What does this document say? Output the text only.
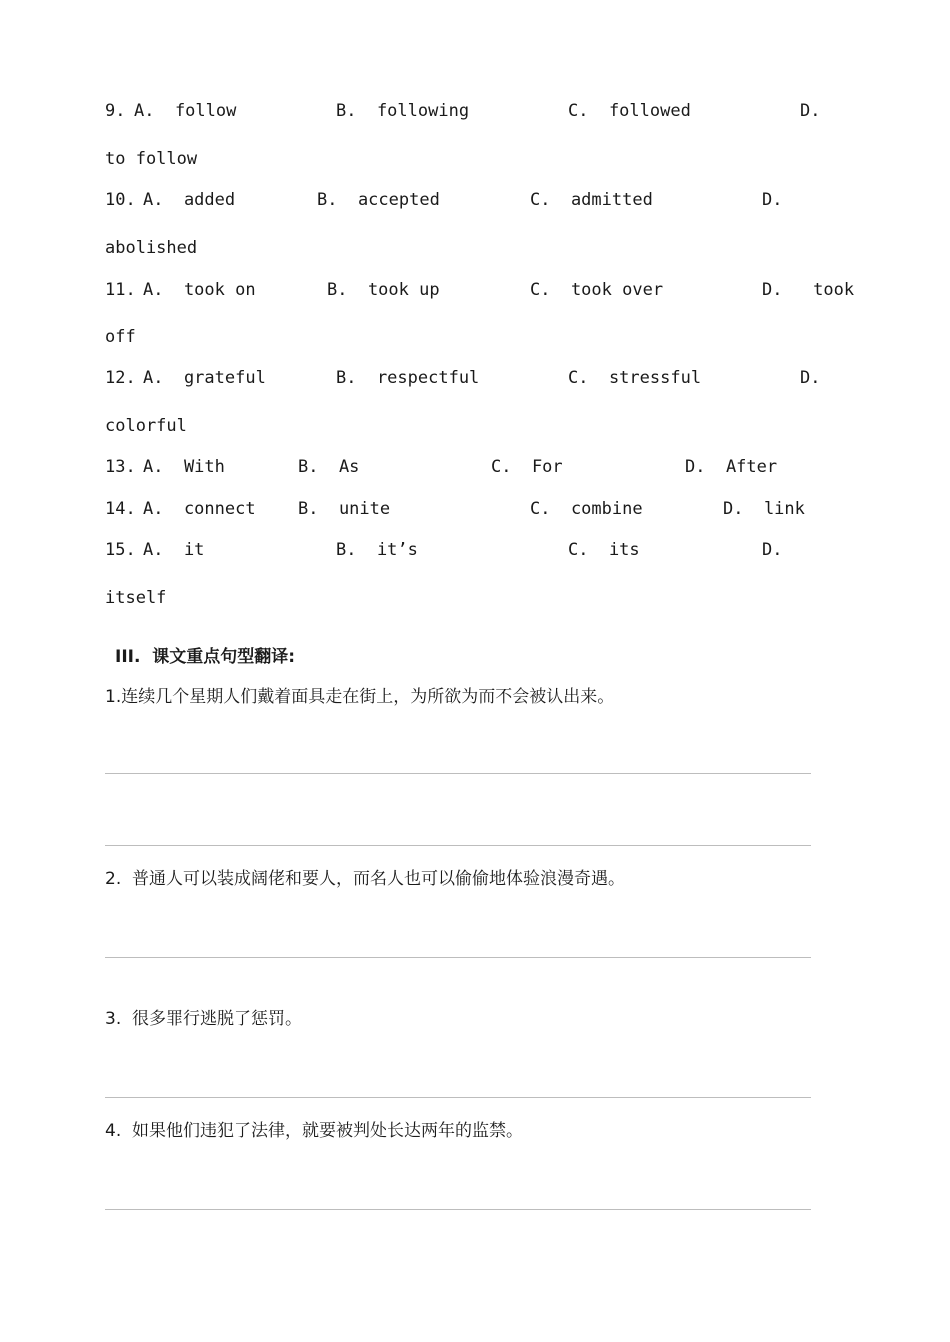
9. A.  follow	B.  following	C.  followed	D.
to follow
10. A.  added	B.  accepted	C.  admitted	D.
abolished
11. A.  took on	B.  took up	C.  took over	D.   took
off
12. A.  grateful	B.  respectful	C.  stressful	D.
colorful
13. A.  With	B.  As	C.  For	D.  After
14. A.  connect B.  unite	C.  combine	D.  link
15. A.  it	B.  it’s	C.  its	D.
itself
III.  课文重点句型翻译:
1.连续几个星期人们戴着面具走在街上，为所欲为而不会被认出来。
2.  普通人可以装成阔佬和要人，而名人也可以偷偷地体验浪漫奇遇。
3.  很多罪行逃脱了惩罚。
4.  如果他们违犯了法律，就要被判处长达两年的监禁。
